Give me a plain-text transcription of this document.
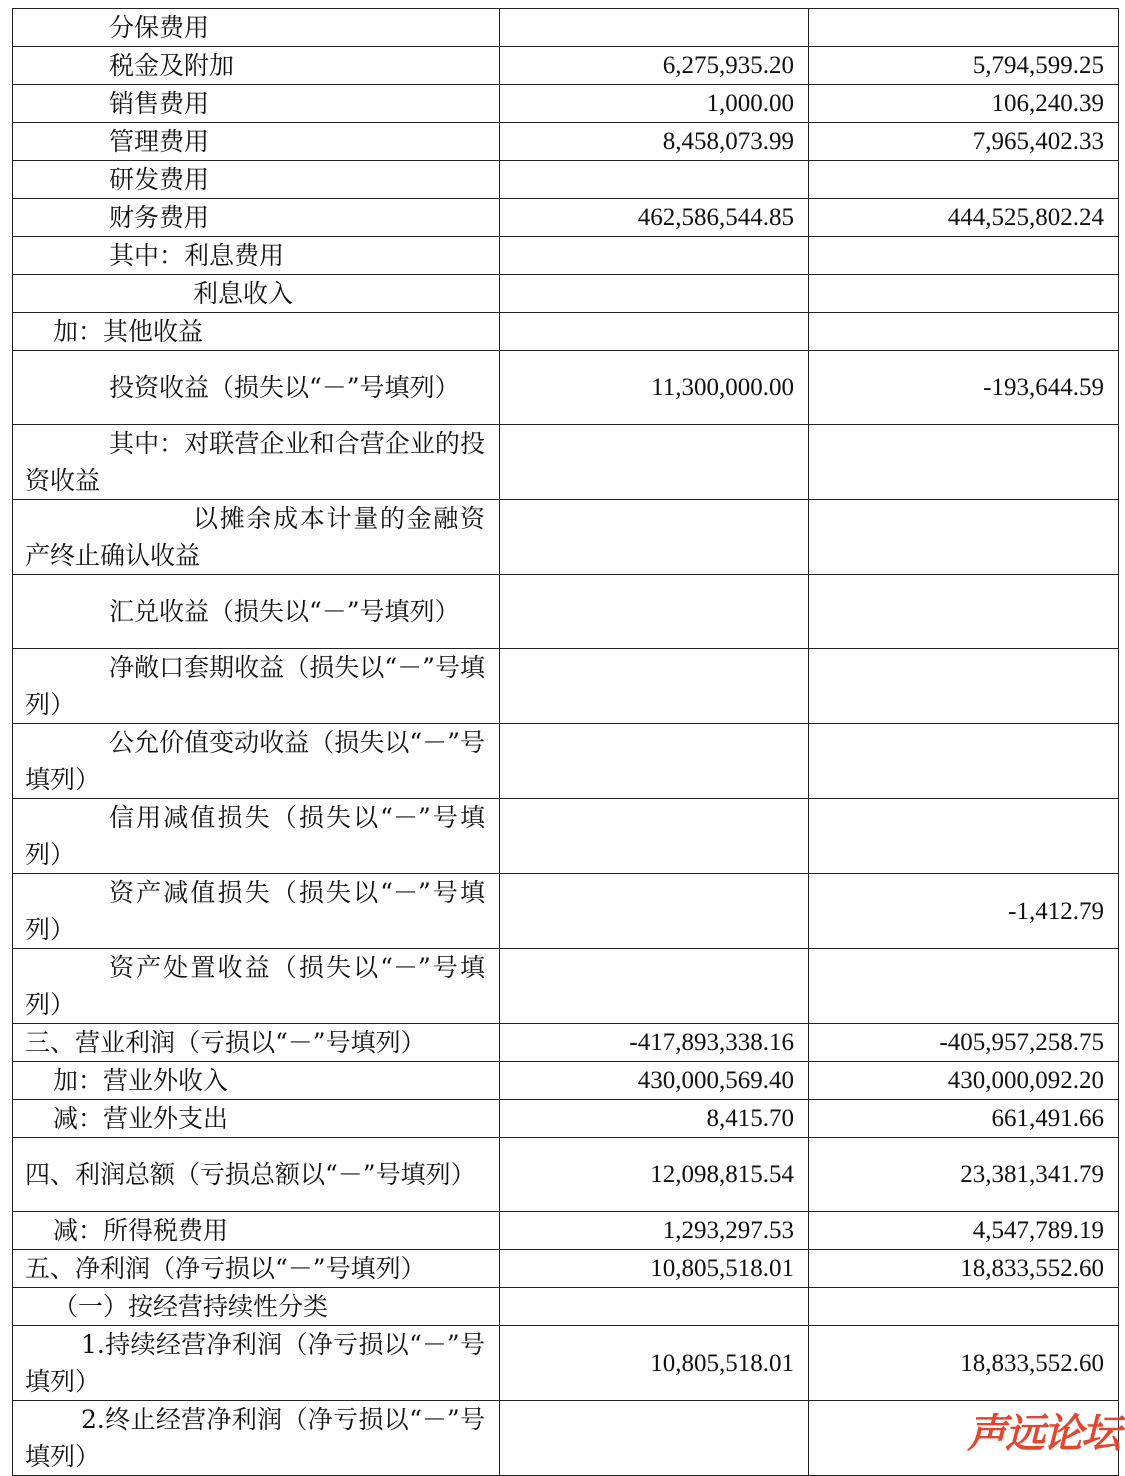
分保费用		
税金及附加	6,275,935.20	5,794,599.25
销售费用	1,000.00	106,240.39
管理费用	8,458,073.99	7,965,402.33
研发费用		
财务费用	462,586,544.85	444,525,802.24
其中：利息费用		
利息收入		
加：其他收益		
投资收益（损失以“－”号填列）	11,300,000.00	-193,644.59
其中：对联营企业和合营企业的投资收益		
以摊余成本计量的金融资产终止确认收益		
汇兑收益（损失以“－”号填列）		
净敞口套期收益（损失以“－”号填列）		
公允价值变动收益（损失以“－”号填列）		
信用减值损失（损失以“－”号填列）		
资产减值损失（损失以“－”号填列）		-1,412.79
资产处置收益（损失以“－”号填列）		
三、营业利润（亏损以“－”号填列）	-417,893,338.16	-405,957,258.75
加：营业外收入	430,000,569.40	430,000,092.20
减：营业外支出	8,415.70	661,491.66
四、利润总额（亏损总额以“－”号填列）	12,098,815.54	23,381,341.79
减：所得税费用	1,293,297.53	4,547,789.19
五、净利润（净亏损以“－”号填列）	10,805,518.01	18,833,552.60
（一）按经营持续性分类		
1.持续经营净利润（净亏损以“－”号填列）	10,805,518.01	18,833,552.60
2.终止经营净利润（净亏损以“－”号填列）			声远论坛
